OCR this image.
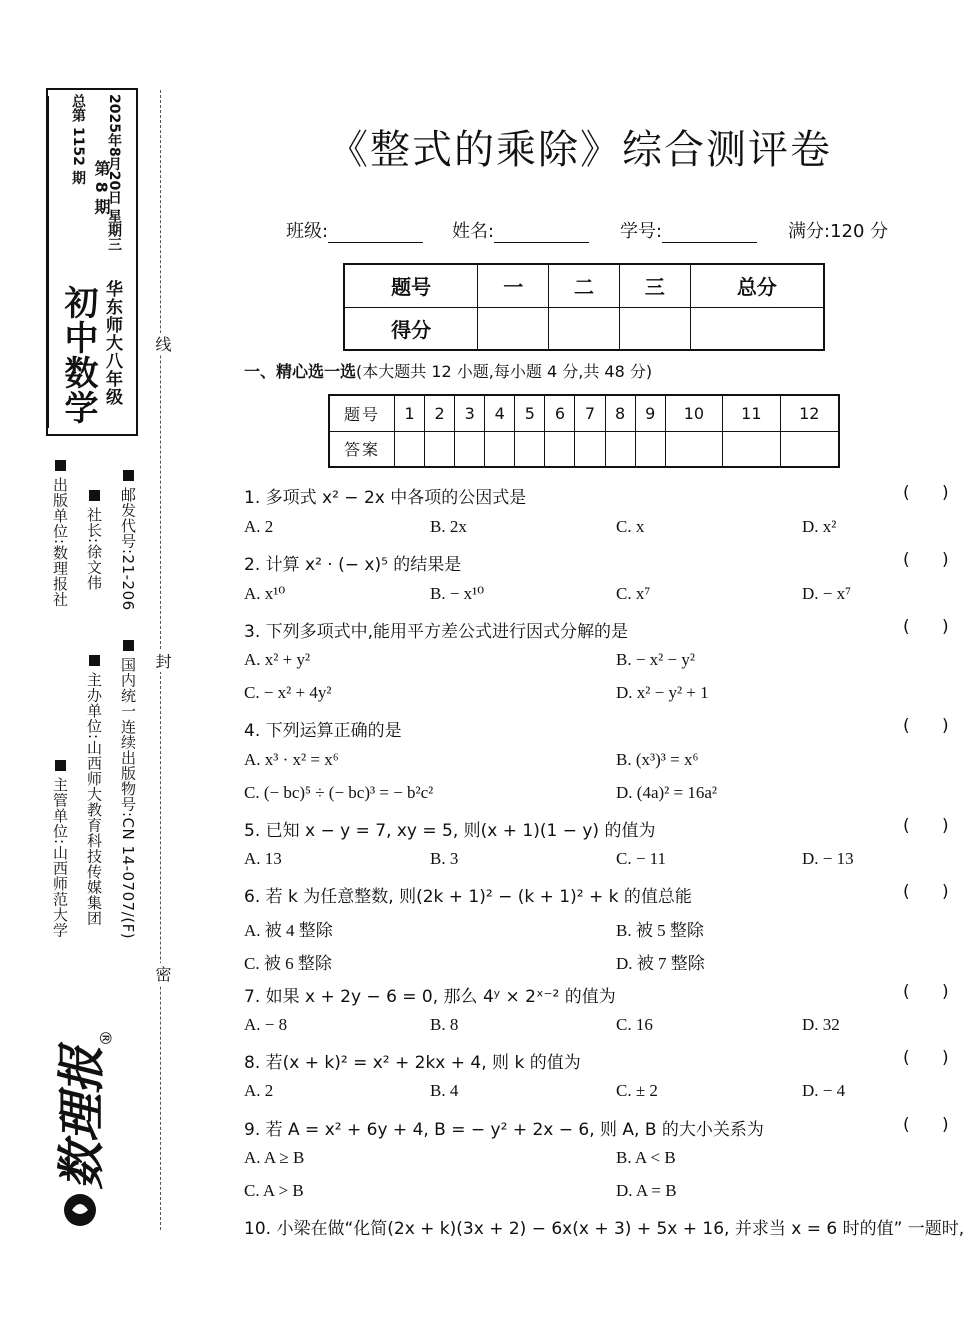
初中数学 华东师大八年级
第 8 期
总第 1152 期 2025年8月20日 星期三
出版单位:数理报社 社长:徐文伟 邮发代号:21-206
主管单位:山西师范大学 主办单位:山西师大教育科技传媒集团 国内统一连续出版物号:CN 14-0707/(F)
线
封
密
数理报
®
《整式的乘除》综合测评卷
班级:	姓名:	学号:	满分:120 分
题号	一	二	三	总分
得分				
一、精心选一选(本大题共 12 小题,每小题 4 分,共 48 分)
题号	1	2	3	4	5	6	7	8	9	10	11	12
答案												
1. 多项式 x² − 2x 中各项的公因式是	(      )
A. 2	B. 2x	C. x	D. x²
2. 计算 x² · (− x)⁵ 的结果是	(      )
A. x¹⁰	B. − x¹⁰	C. x⁷	D. − x⁷
3. 下列多项式中,能用平方差公式进行因式分解的是	(      )
A. x² + y²	B. − x² − y²
C. − x² + 4y²	D. x² − y² + 1
4. 下列运算正确的是	(      )
A. x³ · x² = x⁶	B. (x³)³ = x⁶
C. (− bc)⁵ ÷ (− bc)³ = − b²c²	D. (4a)² = 16a²
5. 已知 x − y = 7, xy = 5, 则(x + 1)(1 − y) 的值为	(      )
A. 13	B. 3	C. − 11	D. − 13
6. 若 k 为任意整数, 则(2k + 1)² − (k + 1)² + k 的值总能	(      )
A. 被 4 整除	B. 被 5 整除
C. 被 6 整除	D. 被 7 整除
7. 如果 x + 2y − 6 = 0, 那么 4ʸ × 2ˣ⁻² 的值为	(      )
A. − 8	B. 8	C. 16	D. 32
8. 若(x + k)² = x² + 2kx + 4, 则 k 的值为	(      )
A. 2	B. 4	C. ± 2	D. − 4
9. 若 A = x² + 6y + 4, B = − y² + 2x − 6, 则 A, B 的大小关系为	(      )
A. A ≥ B	B. A < B
C. A > B	D. A = B
10. 小梁在做“化简(2x + k)(3x + 2) − 6x(x + 3) + 5x + 16, 并求当 x = 6 时的值” 一题时,
